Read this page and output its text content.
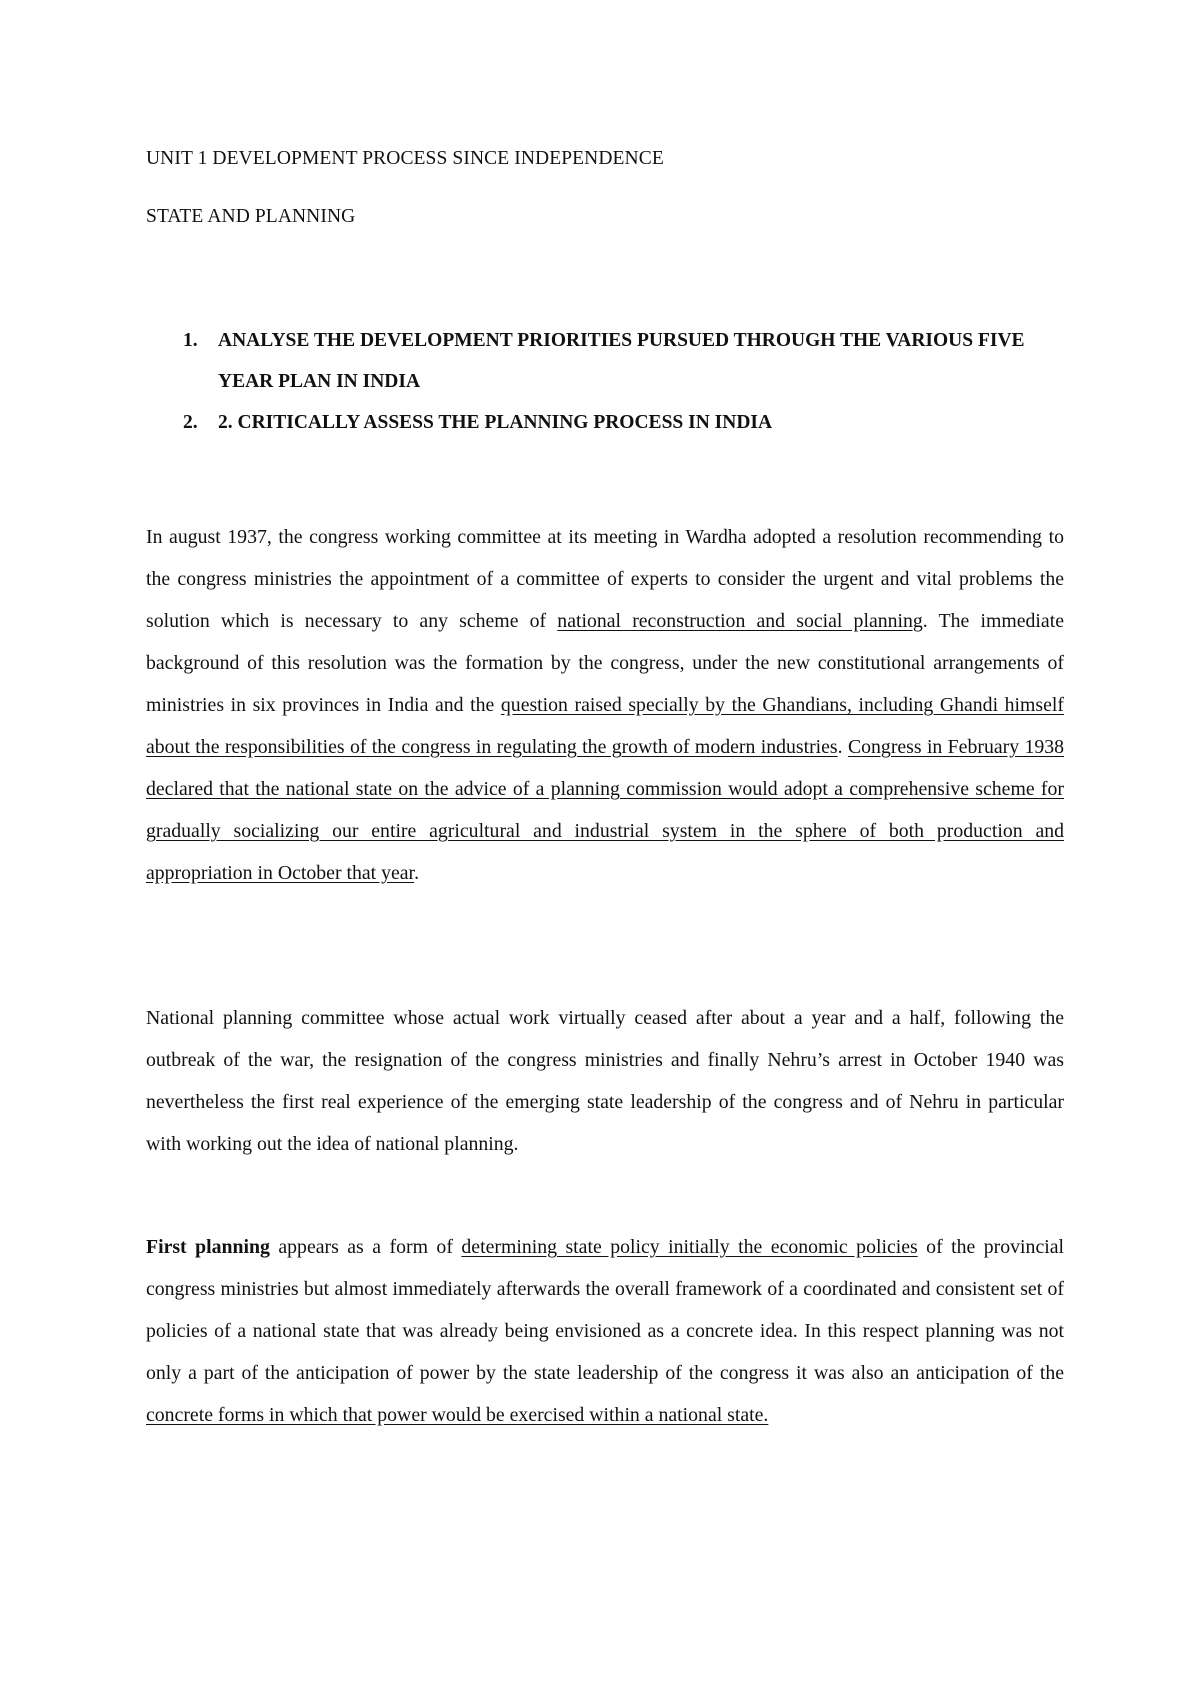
UNIT 1 DEVELOPMENT PROCESS SINCE INDEPENDENCE
STATE AND PLANNING
1. ANALYSE THE DEVELOPMENT PRIORITIES PURSUED THROUGH THE VARIOUS FIVE YEAR PLAN IN INDIA
2. 2. CRITICALLY ASSESS THE PLANNING PROCESS IN INDIA
In august 1937, the congress working committee at its meeting in Wardha adopted a resolution recommending to the congress ministries the appointment of a committee of experts to consider the urgent and vital problems the solution which is necessary to any scheme of national reconstruction and social planning. The immediate background of this resolution was the formation by the congress, under the new constitutional arrangements of ministries in six provinces in India and the question raised specially by the Ghandians, including Ghandi himself about the responsibilities of the congress in regulating the growth of modern industries. Congress in February 1938 declared that the national state on the advice of a planning commission would adopt a comprehensive scheme for gradually socializing our entire agricultural and industrial system in the sphere of both production and appropriation in October that year.
National planning committee whose actual work virtually ceased after about a year and a half, following the outbreak of the war, the resignation of the congress ministries and finally Nehru’s arrest in October 1940 was nevertheless the first real experience of the emerging state leadership of the congress and of Nehru in particular with working out the idea of national planning.
First planning appears as a form of determining state policy initially the economic policies of the provincial congress ministries but almost immediately afterwards the overall framework of a coordinated and consistent set of policies of a national state that was already being envisioned as a concrete idea. In this respect planning was not only a part of the anticipation of power by the state leadership of the congress it was also an anticipation of the concrete forms in which that power would be exercised within a national state.
